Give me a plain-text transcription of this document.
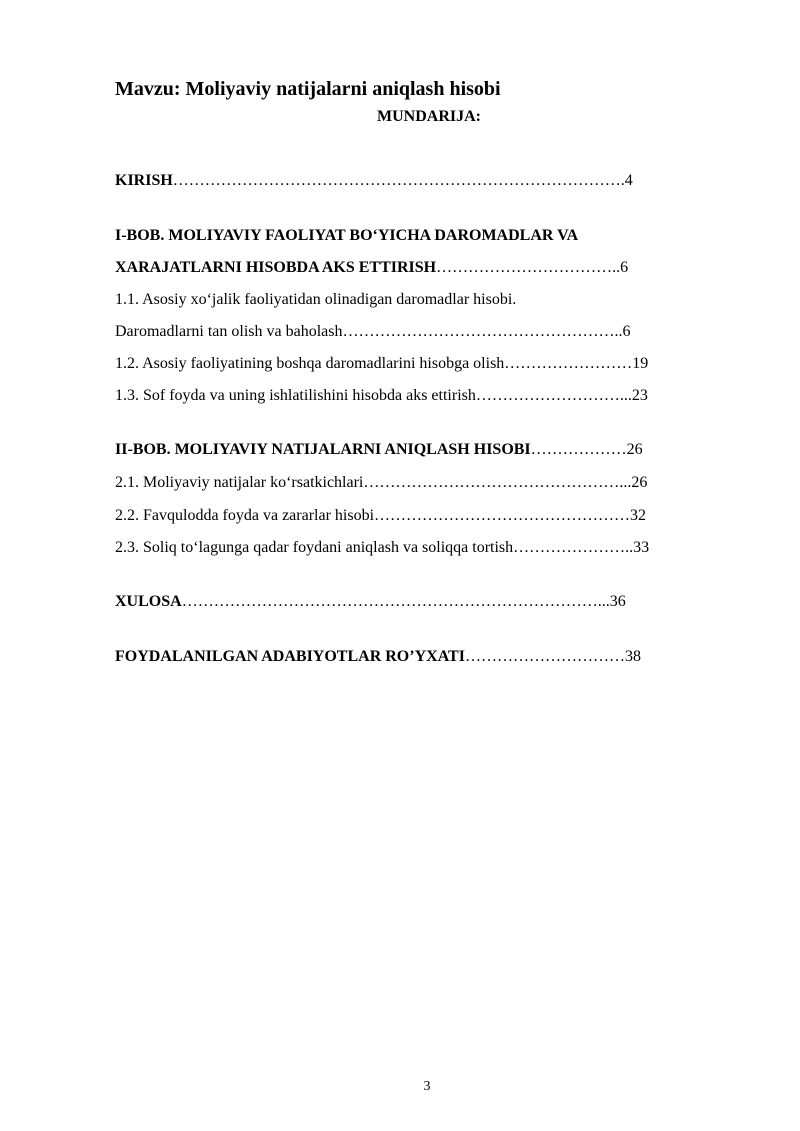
Mavzu: Moliyaviy natijalarni aniqlash hisobi
MUNDARIJA:
KIRISH………………………………………………………………………….4
I-BOB. MOLIYAVIY FAOLIYAT BO‘YICHA DAROMADLAR VA
XARAJATLARNI HISOBDA AKS ETTIRISH……………………………..6
1.1. Asosiy xo‘jalik faoliyatidan olinadigan daromadlar hisobi.
Daromadlarni tan olish va baholash……………………………………………..6
1.2. Asosiy faoliyatining boshqa daromadlarini hisobga olish……………………19
1.3. Sof foyda va uning ishlatilishini hisobda aks ettirish………………………...23
II-BOB. MOLIYAVIY NATIJALARNI ANIQLASH HISOBI………………26
2.1. Moliyaviy natijalar ko‘rsatkichlari…………………………………………...26
2.2. Favqulodda foyda va zararlar hisobi…………………………………………32
2.3. Soliq to‘lagunga qadar foydani aniqlash va soliqqa tortish…………………..33
XULOSA……………………………………………………………………...36
FOYDALANILGAN ADABIYOTLAR RO’YXATI…………………………38
3
